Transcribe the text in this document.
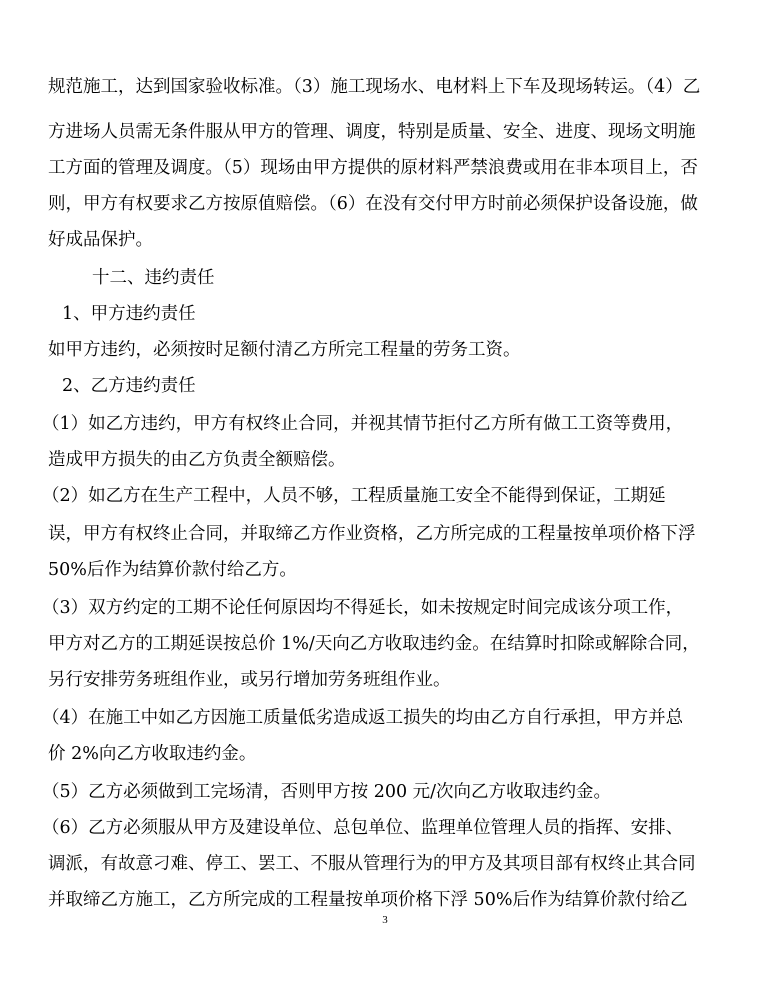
规范施工，达到国家验收标准。（3）施工现场水、电材料上下车及现场转运。（4）乙
方进场人员需无条件服从甲方的管理、调度，特别是质量、安全、进度、现场文明施
工方面的管理及调度。（5）现场由甲方提供的原材料严禁浪费或用在非本项目上，否
则，甲方有权要求乙方按原值赔偿。（6）在没有交付甲方时前必须保护设备设施，做
好成品保护。
十二、违约责任
1、甲方违约责任
如甲方违约，必须按时足额付清乙方所完工程量的劳务工资。
2、乙方违约责任
（1）如乙方违约，甲方有权终止合同，并视其情节拒付乙方所有做工工资等费用，
造成甲方损失的由乙方负责全额赔偿。
（2）如乙方在生产工程中，人员不够，工程质量施工安全不能得到保证，工期延
误，甲方有权终止合同，并取缔乙方作业资格，乙方所完成的工程量按单项价格下浮
50%后作为结算价款付给乙方。
（3）双方约定的工期不论任何原因均不得延长，如未按规定时间完成该分项工作，
甲方对乙方的工期延误按总价 1%/天向乙方收取违约金。在结算时扣除或解除合同，
另行安排劳务班组作业，或另行增加劳务班组作业。
（4）在施工中如乙方因施工质量低劣造成返工损失的均由乙方自行承担，甲方并总
价 2%向乙方收取违约金。
（5）乙方必须做到工完场清，否则甲方按 200 元/次向乙方收取违约金。
（6）乙方必须服从甲方及建设单位、总包单位、监理单位管理人员的指挥、安排、
调派，有故意刁难、停工、罢工、不服从管理行为的甲方及其项目部有权终止其合同
并取缔乙方施工，乙方所完成的工程量按单项价格下浮 50%后作为结算价款付给乙
3
